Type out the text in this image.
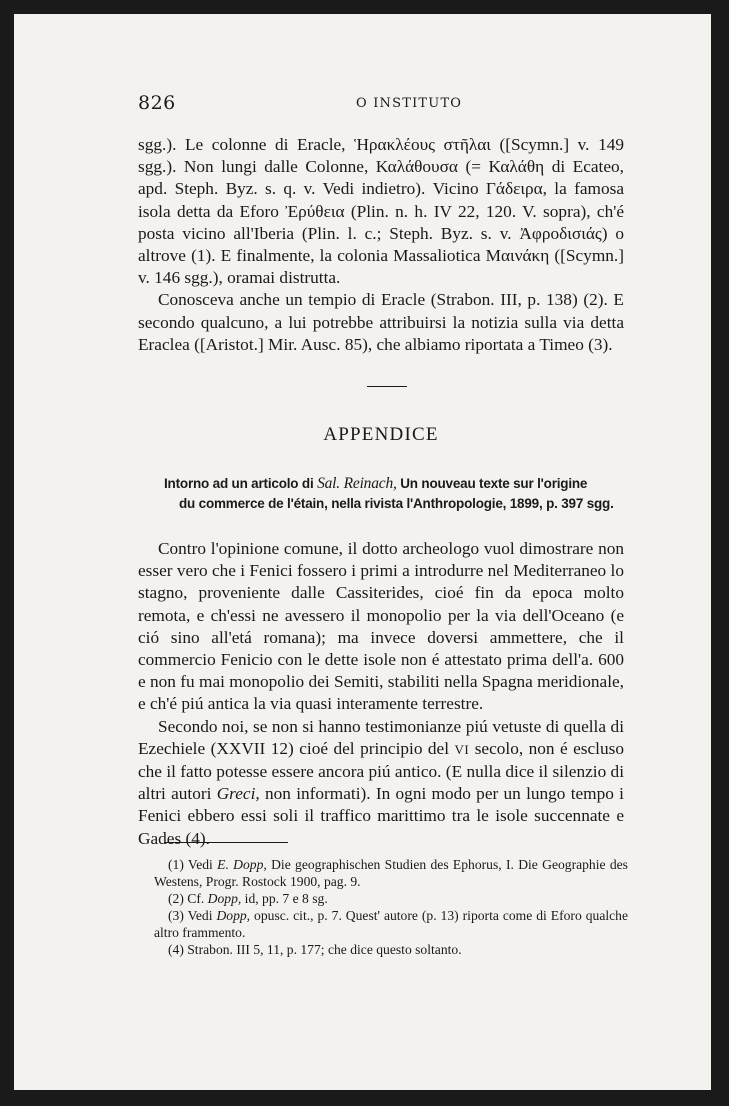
826	O INSTITUTO

sgg.). Le colonne di Eracle, Ἡρακλέους στῆλαι ([Scymn.] v. 149 sgg.). Non lungi dalle Colonne, Καλάθουσα (= Καλάθη di Ecateo, apd. Steph. Byz. s. q. v. Vedi indietro). Vicino Γάδειρα, la famosa isola detta da Eforo Ἐρύθεια (Plin. n. h. IV 22, 120. V. sopra), ch'é posta vicino all'Iberia (Plin. l. c.; Steph. Byz. s. v. Ἀφροδισιάς) o altrove (1). E finalmente, la colonia Massaliotica Μαινάκη ([Scymn.] v. 146 sgg.), oramai distrutta.

Conosceva anche un tempio di Eracle (Strabon. III, p. 138) (2). E secondo qualcuno, a lui potrebbe attribuirsi la notizia sulla via detta Eraclea ([Aristot.] Mir. Ausc. 85), che albiamo riportata a Timeo (3).

APPENDICE
Intorno ad un articolo di Sal. Reinach, Un nouveau texte sur l'origine
du commerce de l'étain, nella rivista l'Anthropologie, 1899, p. 397 sgg.

Contro l'opinione comune, il dotto archeologo vuol dimostrare non esser vero che i Fenici fossero i primi a introdurre nel Mediterraneo lo stagno, proveniente dalle Cassiterides, cioé fin da epoca molto remota, e ch'essi ne avessero il monopolio per la via dell'Oceano (e ció sino all'etá romana); ma invece doversi ammettere, che il commercio Fenicio con le dette isole non é attestato prima dell'a. 600 e non fu mai monopolio dei Semiti, stabiliti nella Spagna meridionale, e ch'é piú antica la via quasi interamente terrestre.

Secondo noi, se non si hanno testimonianze piú vetuste di quella di Ezechiele (XXVII 12) cioé del principio del VI secolo, non é escluso che il fatto potesse essere ancora piú antico. (E nulla dice il silenzio di altri autori Greci, non informati). In ogni modo per un lungo tempo i Fenici ebbero essi soli il traffico marittimo tra le isole succennate e Gades (4).

(1) Vedi E. Dopp, Die geographischen Studien des Ephorus, I. Die Geographie des Westens, Progr. Rostock 1900, pag. 9.

(2) Cf. Dopp, id, pp. 7 e 8 sg.

(3) Vedi Dopp, opusc. cit., p. 7. Quest' autore (p. 13) riporta come di Eforo qualche altro frammento.

(4) Strabon. III 5, 11, p. 177; che dice questo soltanto.
